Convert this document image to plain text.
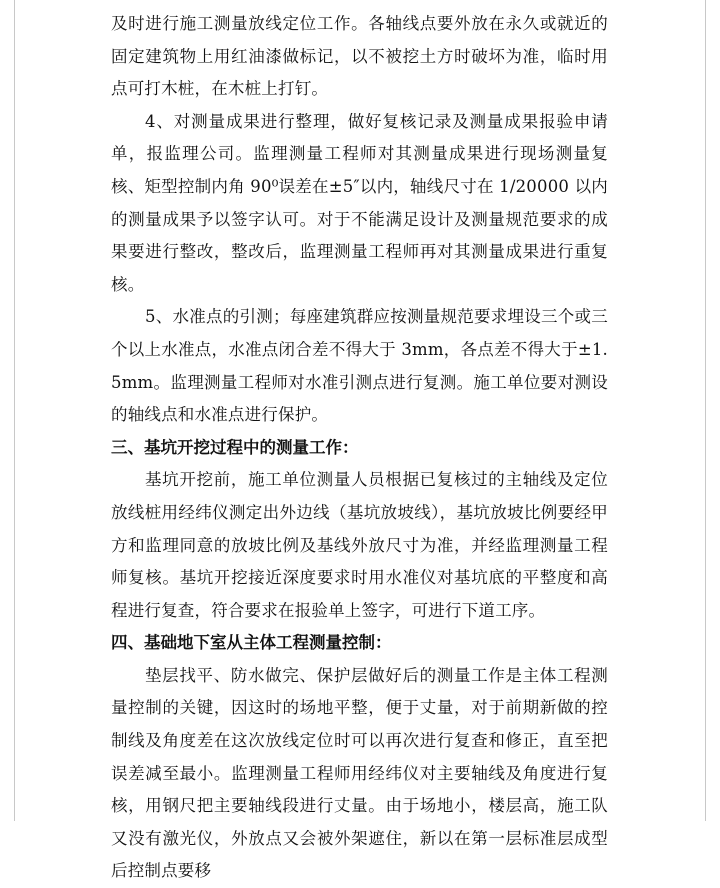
及时进行施工测量放线定位工作。各轴线点要外放在永久或就近的固定建筑物上用红油漆做标记，以不被挖土方时破坏为准，临时用点可打木桩，在木桩上打钉。

4、对测量成果进行整理，做好复核记录及测量成果报验申请单，报监理公司。监理测量工程师对其测量成果进行现场测量复核、矩型控制内角 90⁰误差在±5″以内，轴线尺寸在 1/20000 以内的测量成果予以签字认可。对于不能满足设计及测量规范要求的成果要进行整改，整改后，监理测量工程师再对其测量成果进行重复核。

5、水准点的引测；每座建筑群应按测量规范要求埋设三个或三个以上水准点，水准点闭合差不得大于 3mm，各点差不得大于±1.5mm。监理测量工程师对水准引测点进行复测。施工单位要对测设的轴线点和水准点进行保护。

三、基坑开挖过程中的测量工作：

基坑开挖前，施工单位测量人员根据已复核过的主轴线及定位放线桩用经纬仪测定出外边线（基坑放坡线），基坑放坡比例要经甲方和监理同意的放坡比例及基线外放尺寸为准，并经监理测量工程师复核。基坑开挖接近深度要求时用水准仪对基坑底的平整度和高程进行复查，符合要求在报验单上签字，可进行下道工序。

四、基础地下室从主体工程测量控制：

垫层找平、防水做完、保护层做好后的测量工作是主体工程测量控制的关键，因这时的场地平整，便于丈量，对于前期新做的控制线及角度差在这次放线定位时可以再次进行复查和修正，直至把误差减至最小。监理测量工程师用经纬仪对主要轴线及角度进行复核，用钢尺把主要轴线段进行丈量。由于场地小，楼层高，施工队又没有激光仪，外放点又会被外架遮住，新以在第一层标准层成型后控制点要移
